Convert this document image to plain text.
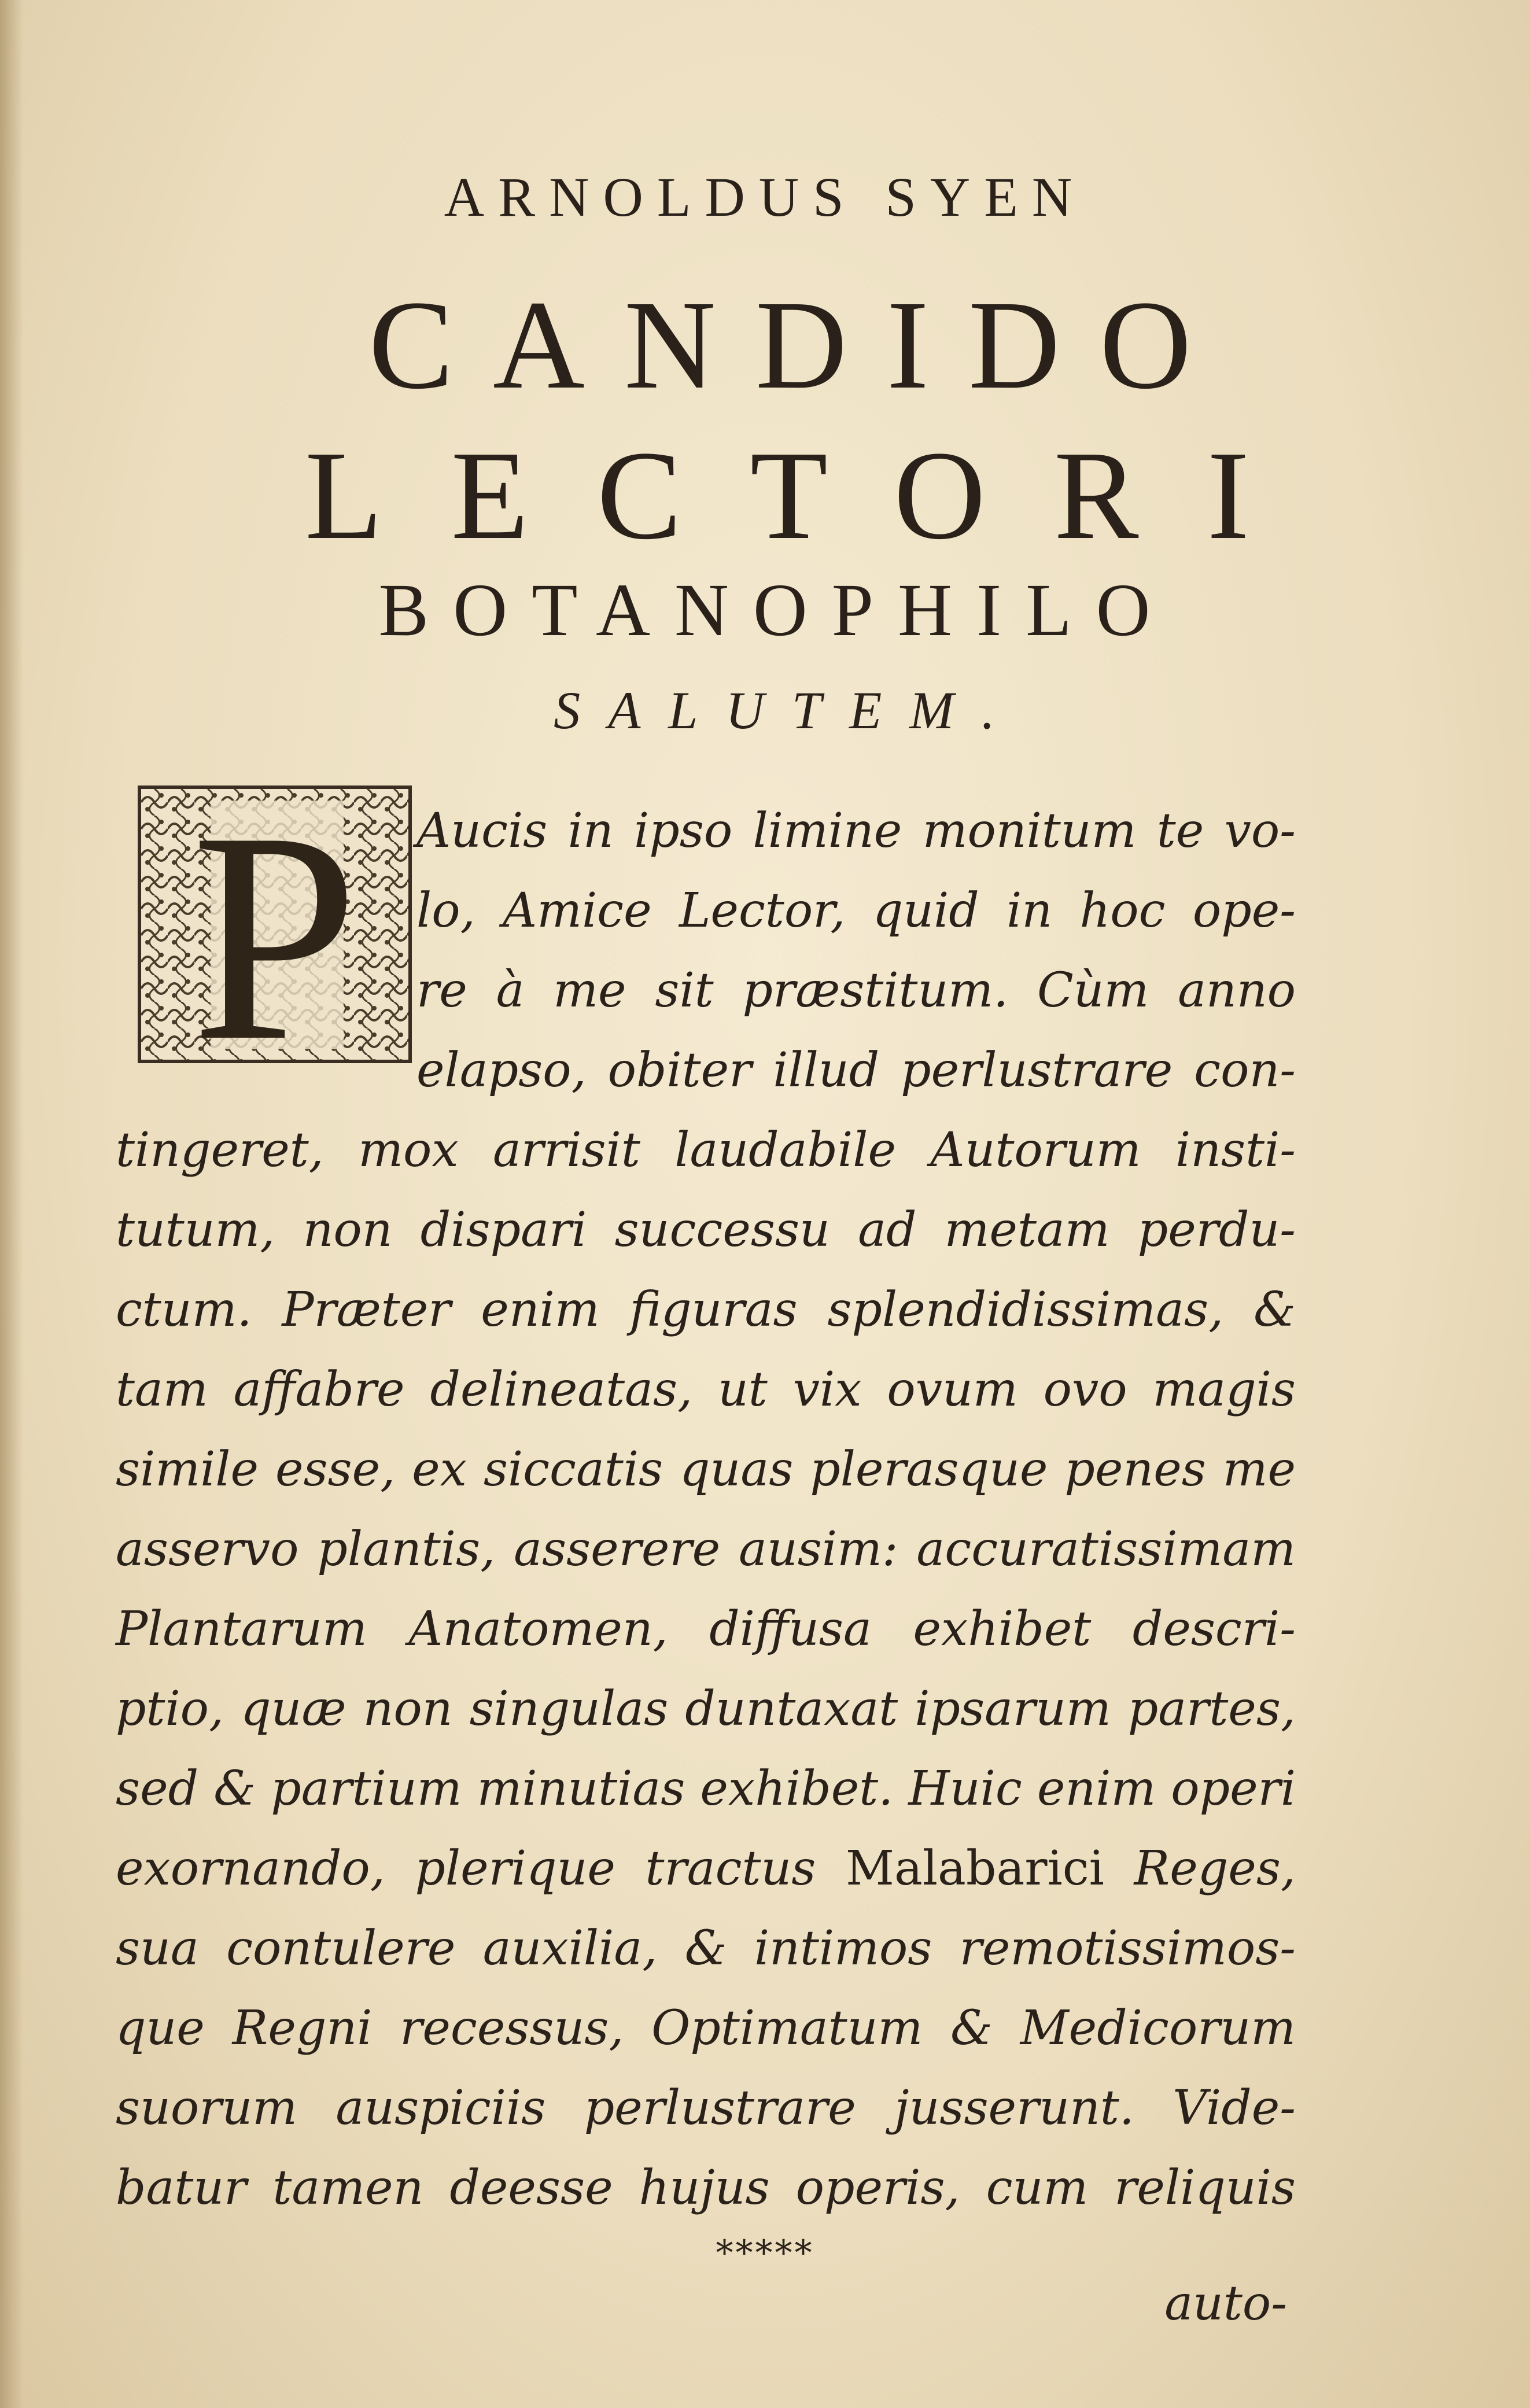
ARNOLDUS SYEN
CANDIDO
LECTORI
BOTANOPHILO
SALUTEM.
P Aucis in ipso limine monitum te vo-
lo, Amice Lector, quid in hoc ope-
re à me sit præstitum. Cùm anno
elapso, obiter illud perlustrare con-
tingeret, mox arrisit laudabile Autorum insti-
tutum, non dispari successu ad metam perdu-
ctum. Præter enim figuras splendidissimas, &
tam affabre delineatas, ut vix ovum ovo magis
simile esse, ex siccatis quas plerasque penes me
asservo plantis, asserere ausim: accuratissimam
Plantarum Anatomen, diffusa exhibet descri-
ptio, quæ non singulas duntaxat ipsarum partes,
sed & partium minutias exhibet. Huic enim operi
exornando, plerique tractus Malabarici Reges,
sua contulere auxilia, & intimos remotissimos-
que Regni recessus, Optimatum & Medicorum
suorum auspiciis perlustrare jusserunt. Vide-
batur tamen deesse hujus operis, cum reliquis
*****
auto-
